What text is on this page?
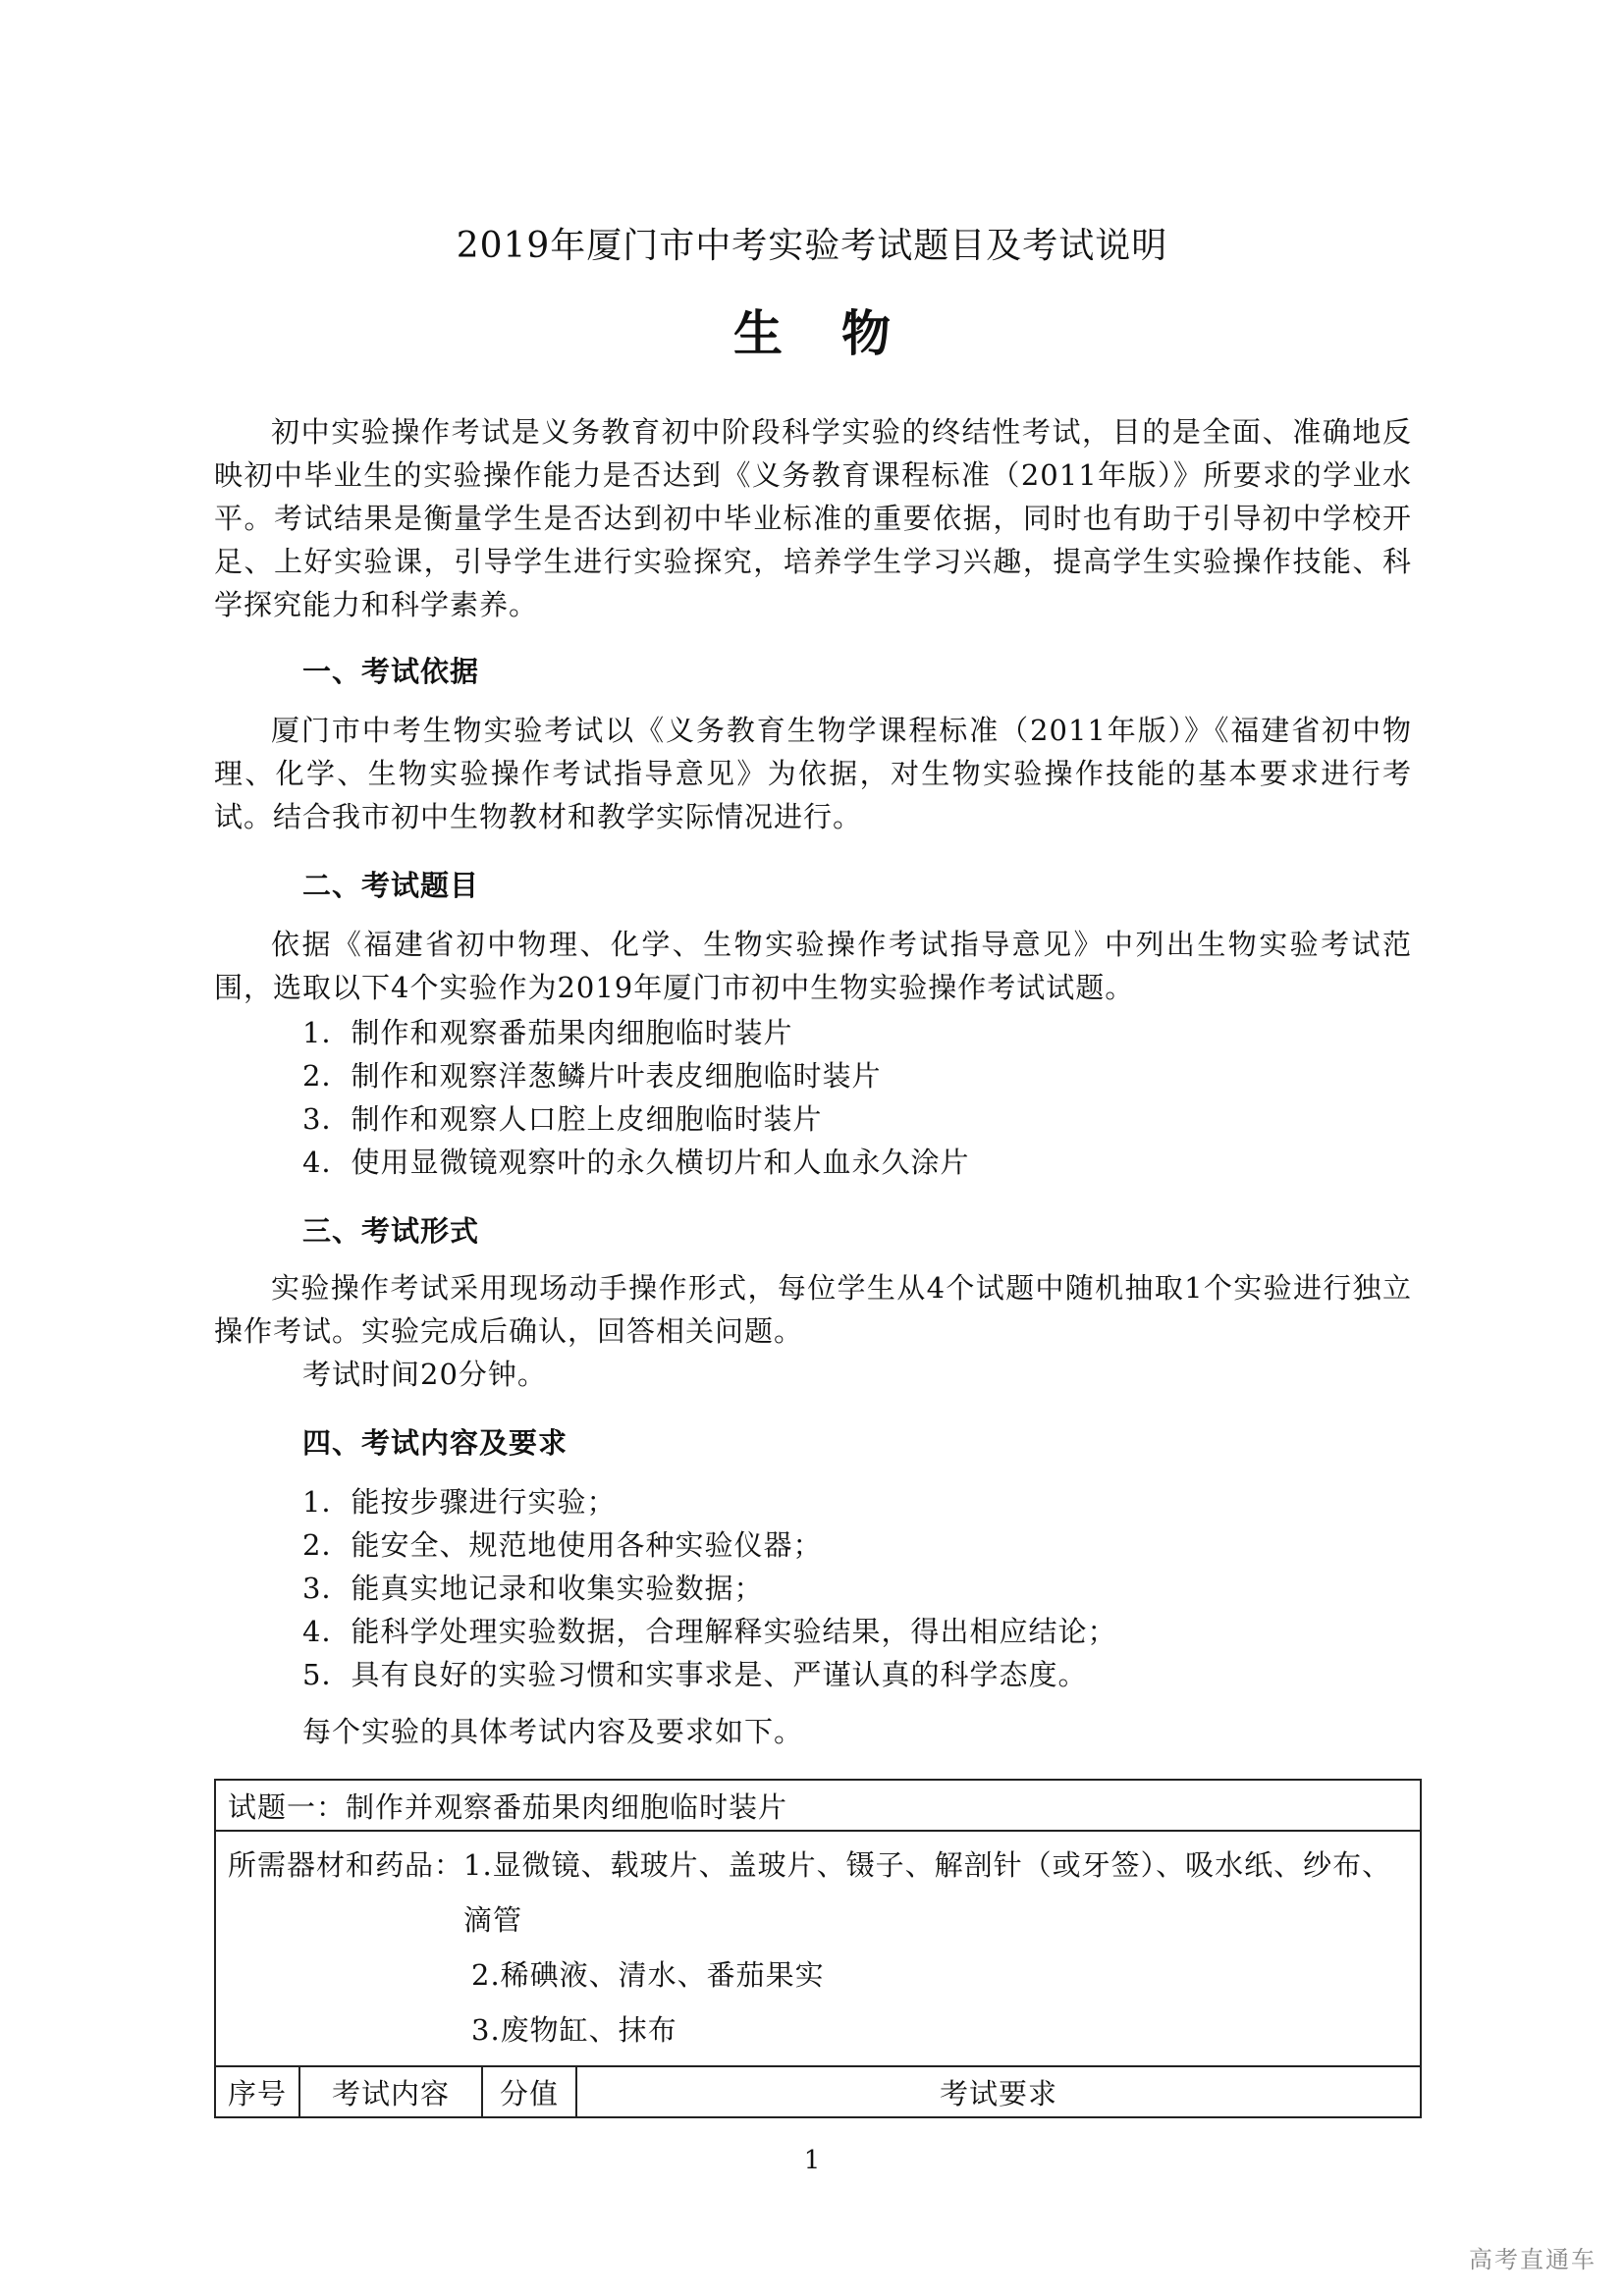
2019年厦门市中考实验考试题目及考试说明
生物

初中实验操作考试是义务教育初中阶段科学实验的终结性考试，目的是全面、准确地反映初中毕业生的实验操作能力是否达到《义务教育课程标准（2011年版）》所要求的学业水平。考试结果是衡量学生是否达到初中毕业标准的重要依据，同时也有助于引导初中学校开足、上好实验课，引导学生进行实验探究，培养学生学习兴趣，提高学生实验操作技能、科学探究能力和科学素养。

一、考试依据

厦门市中考生物实验考试以《义务教育生物学课程标准（2011年版）》《福建省初中物理、化学、生物实验操作考试指导意见》为依据，对生物实验操作技能的基本要求进行考试。结合我市初中生物教材和教学实际情况进行。

二、考试题目

依据《福建省初中物理、化学、生物实验操作考试指导意见》中列出生物实验考试范围，选取以下4个实验作为2019年厦门市初中生物实验操作考试试题。

1．制作和观察番茄果肉细胞临时装片

2．制作和观察洋葱鳞片叶表皮细胞临时装片

3．制作和观察人口腔上皮细胞临时装片

4．使用显微镜观察叶的永久横切片和人血永久涂片

三、考试形式

实验操作考试采用现场动手操作形式，每位学生从4个试题中随机抽取1个实验进行独立操作考试。实验完成后确认，回答相关问题。

考试时间20分钟。

四、考试内容及要求

1．能按步骤进行实验；

2．能安全、规范地使用各种实验仪器；

3．能真实地记录和收集实验数据；

4．能科学处理实验数据，合理解释实验结果，得出相应结论；

5．具有良好的实验习惯和实事求是、严谨认真的科学态度。

每个实验的具体考试内容及要求如下。

试题一：制作并观察番茄果肉细胞临时装片

所需器材和药品： 1.显微镜、载玻片、盖玻片、镊子、解剖针（或牙签）、吸水纸、纱布、滴管
2.稀碘液、清水、番茄果实
3.废物缸、抹布

序号	考试内容	分值	考试要求
1
高考直通车
